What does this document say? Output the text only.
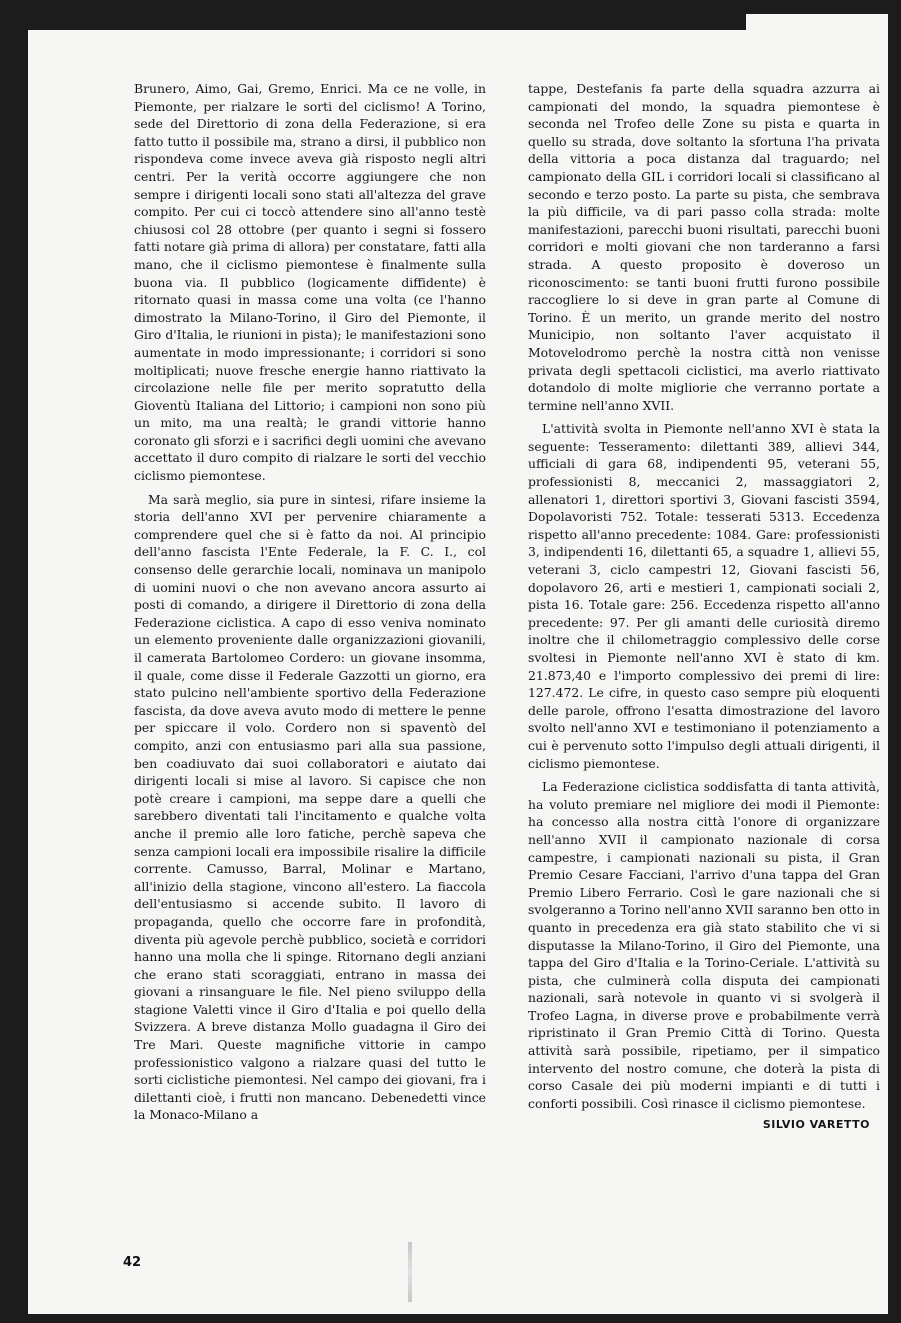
Brunero, Aimo, Gai, Gremo, Enrici. Ma ce ne volle, in Piemonte, per rialzare le sorti del ciclismo! A Torino, sede del Direttorio di zona della Federazione, si era fatto tutto il possibile ma, strano a dirsi, il pubblico non rispondeva come invece aveva già risposto negli altri centri. Per la verità occorre aggiungere che non sempre i dirigenti locali sono stati all'altezza del grave compito. Per cui ci toccò attendere sino all'anno testè chiusosi col 28 ottobre (per quanto i segni si fossero fatti notare già prima di allora) per constatare, fatti alla mano, che il ciclismo piemontese è finalmente sulla buona via. Il pubblico (logicamente diffidente) è ritornato quasi in massa come una volta (ce l'hanno dimostrato la Milano-Torino, il Giro del Piemonte, il Giro d'Italia, le riunioni in pista); le manifestazioni sono aumentate in modo impressionante; i corridori si sono moltiplicati; nuove fresche energie hanno riattivato la circolazione nelle file per merito sopratutto della Gioventù Italiana del Littorio; i campioni non sono più un mito, ma una realtà; le grandi vittorie hanno coronato gli sforzi e i sacrifici degli uomini che avevano accettato il duro compito di rialzare le sorti del vecchio ciclismo piemontese.

Ma sarà meglio, sia pure in sintesi, rifare insieme la storia dell'anno XVI per pervenire chiaramente a comprendere quel che si è fatto da noi. Al principio dell'anno fascista l'Ente Federale, la F. C. I., col consenso delle gerarchie locali, nominava un manipolo di uomini nuovi o che non avevano ancora assurto ai posti di comando, a dirigere il Direttorio di zona della Federazione ciclistica. A capo di esso veniva nominato un elemento proveniente dalle organizzazioni giovanili, il camerata Bartolomeo Cordero: un giovane insomma, il quale, come disse il Federale Gazzotti un giorno, era stato pulcino nell'ambiente sportivo della Federazione fascista, da dove aveva avuto modo di mettere le penne per spiccare il volo. Cordero non si spaventò del compito, anzi con entusiasmo pari alla sua passione, ben coadiuvato dai suoi collaboratori e aiutato dai dirigenti locali si mise al lavoro. Si capisce che non potè creare i campioni, ma seppe dare a quelli che sarebbero diventati tali l'incitamento e qualche volta anche il premio alle loro fatiche, perchè sapeva che senza campioni locali era impossibile risalire la difficile corrente. Camusso, Barral, Molinar e Martano, all'inizio della stagione, vincono all'estero. La fiaccola dell'entusiasmo si accende subito. Il lavoro di propaganda, quello che occorre fare in profondità, diventa più agevole perchè pubblico, società e corridori hanno una molla che li spinge. Ritornano degli anziani che erano stati scoraggiati, entrano in massa dei giovani a rinsanguare le file. Nel pieno sviluppo della stagione Valetti vince il Giro d'Italia e poi quello della Svizzera. A breve distanza Mollo guadagna il Giro dei Tre Mari. Queste magnifiche vittorie in campo professionistico valgono a rialzare quasi del tutto le sorti ciclistiche piemontesi. Nel campo dei giovani, fra i dilettanti cioè, i frutti non mancano. Debenedetti vince la Monaco-Milano a

tappe, Destefanis fa parte della squadra azzurra ai campionati del mondo, la squadra piemontese è seconda nel Trofeo delle Zone su pista e quarta in quello su strada, dove soltanto la sfortuna l'ha privata della vittoria a poca distanza dal traguardo; nel campionato della GIL i corridori locali si classificano al secondo e terzo posto. La parte su pista, che sembrava la più difficile, va di pari passo colla strada: molte manifestazioni, parecchi buoni risultati, parecchi buoni corridori e molti giovani che non tarderanno a farsi strada. A questo proposito è doveroso un riconoscimento: se tanti buoni frutti furono possibile raccogliere lo si deve in gran parte al Comune di Torino. È un merito, un grande merito del nostro Municipio, non soltanto l'aver acquistato il Motovelodromo perchè la nostra città non venisse privata degli spettacoli ciclistici, ma averlo riattivato dotandolo di molte migliorie che verranno portate a termine nell'anno XVII.

L'attività svolta in Piemonte nell'anno XVI è stata la seguente: Tesseramento: dilettanti 389, allievi 344, ufficiali di gara 68, indipendenti 95, veterani 55, professionisti 8, meccanici 2, massaggiatori 2, allenatori 1, direttori sportivi 3, Giovani fascisti 3594, Dopolavoristi 752. Totale: tesserati 5313. Eccedenza rispetto all'anno precedente: 1084. Gare: professionisti 3, indipendenti 16, dilettanti 65, a squadre 1, allievi 55, veterani 3, ciclo campestri 12, Giovani fascisti 56, dopolavoro 26, arti e mestieri 1, campionati sociali 2, pista 16. Totale gare: 256. Eccedenza rispetto all'anno precedente: 97. Per gli amanti delle curiosità diremo inoltre che il chilometraggio complessivo delle corse svoltesi in Piemonte nell'anno XVI è stato di km. 21.873,40 e l'importo complessivo dei premi di lire: 127.472. Le cifre, in questo caso sempre più eloquenti delle parole, offrono l'esatta dimostrazione del lavoro svolto nell'anno XVI e testimoniano il potenziamento a cui è pervenuto sotto l'impulso degli attuali dirigenti, il ciclismo piemontese.

La Federazione ciclistica soddisfatta di tanta attività, ha voluto premiare nel migliore dei modi il Piemonte: ha concesso alla nostra città l'onore di organizzare nell'anno XVII il campionato nazionale di corsa campestre, i campionati nazionali su pista, il Gran Premio Cesare Facciani, l'arrivo d'una tappa del Gran Premio Libero Ferrario. Così le gare nazionali che si svolgeranno a Torino nell'anno XVII saranno ben otto in quanto in precedenza era già stato stabilito che vi si disputasse la Milano-Torino, il Giro del Piemonte, una tappa del Giro d'Italia e la Torino-Ceriale. L'attività su pista, che culminerà colla disputa dei campionati nazionali, sarà notevole in quanto vi si svolgerà il Trofeo Lagna, in diverse prove e probabilmente verrà ripristinato il Gran Premio Città di Torino. Questa attività sarà possibile, ripetiamo, per il simpatico intervento del nostro comune, che doterà la pista di corso Casale dei più moderni impianti e di tutti i conforti possibili. Così rinasce il ciclismo piemontese.

SILVIO VARETTO
42
